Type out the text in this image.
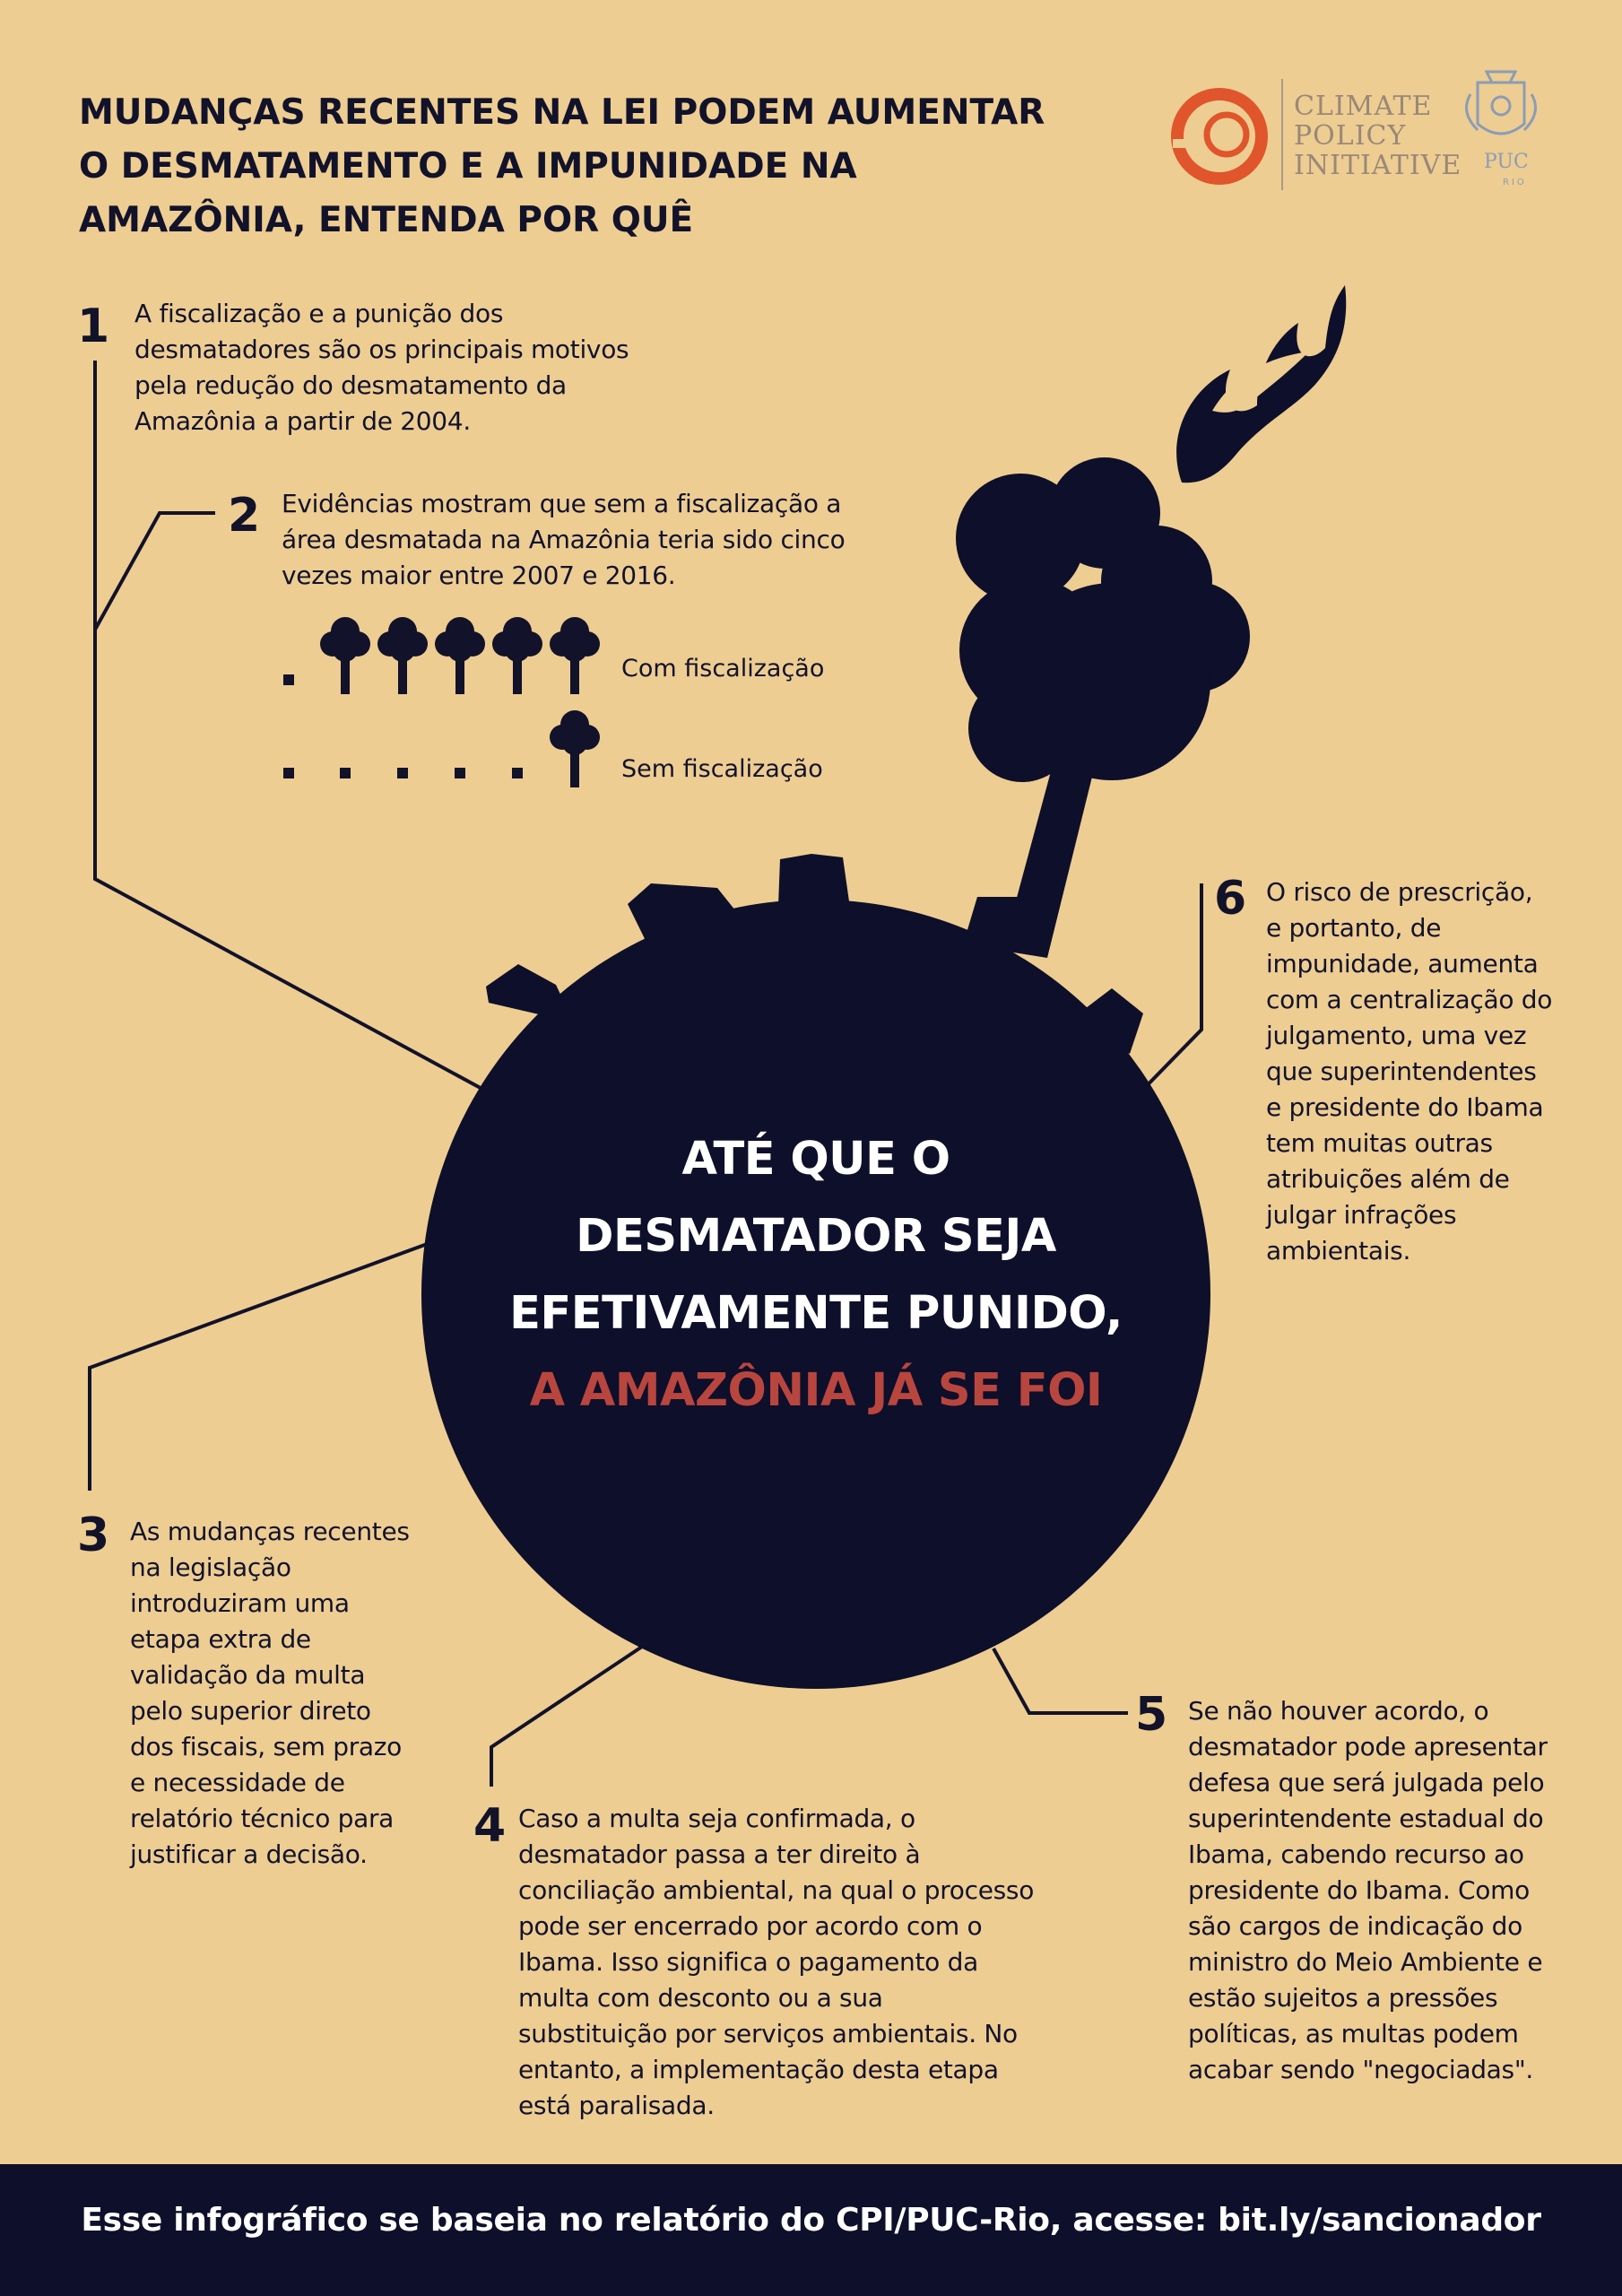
MUDANÇAS RECENTES NA LEI PODEM AUMENTAR
O DESMATAMENTO E A IMPUNIDADE NA
AMAZÔNIA, ENTENDA POR QUÊ
CLIMATE
POLICY
INITIATIVE PUC
RIO
1 A fiscalização e a punição dos
desmatadores são os principais motivos
pela redução do desmatamento da
Amazônia a partir de 2004.
2 Evidências mostram que sem a fiscalização a
área desmatada na Amazônia teria sido cinco
vezes maior entre 2007 e 2016.
Com fiscalização
Sem fiscalização
3 As mudanças recentes
na legislação
introduziram uma
etapa extra de
validação da multa
pelo superior direto
dos fiscais, sem prazo
e necessidade de
relatório técnico para
justificar a decisão.
4 Caso a multa seja confirmada, o
desmatador passa a ter direito à
conciliação ambiental, na qual o processo
pode ser encerrado por acordo com o
Ibama. Isso significa o pagamento da
multa com desconto ou a sua
substituição por serviços ambientais. No
entanto, a implementação desta etapa
está paralisada.
5 Se não houver acordo, o
desmatador pode apresentar
defesa que será julgada pelo
superintendente estadual do
Ibama, cabendo recurso ao
presidente do Ibama. Como
são cargos de indicação do
ministro do Meio Ambiente e
estão sujeitos a pressões
políticas, as multas podem
acabar sendo "negociadas".
6 O risco de prescrição,
e portanto, de
impunidade, aumenta
com a centralização do
julgamento, uma vez
que superintendentes
e presidente do Ibama
tem muitas outras
atribuições além de
julgar infrações
ambientais.
ATÉ QUE O
DESMATADOR SEJA
EFETIVAMENTE PUNIDO,
A AMAZÔNIA JÁ SE FOI
Esse infográfico se baseia no relatório do CPI/PUC-Rio, acesse: bit.ly/sancionador
